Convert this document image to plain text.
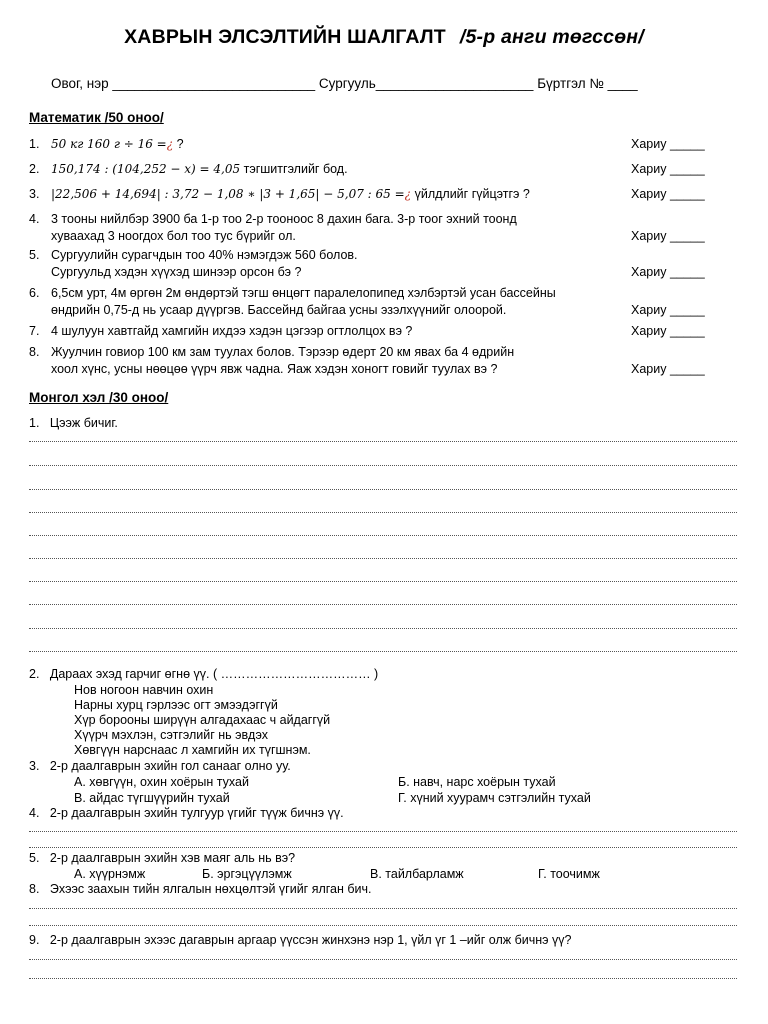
ХАВРЫН ЭЛСЭЛТИЙН ШАЛГАЛТ /5-р анги төгссөн/
Овог, нэр ___________________________ Сургууль_____________________ Бүртгэл № ____
Математик /50 оноо/
1. 50 кг 160 г ÷ 16 =¿ ?	Хариу _____
2. 150,174 : (104,252 − x) = 4,05 тэгшитгэлийг бод.	Хариу _____
3. |22,506 + 14,694| : 3,72 − 1,08 ∗ |3 + 1,65| − 5,07 : 65 =¿ үйлдлийг гүйцэтгэ ?	Хариу _____
4. 3 тооны нийлбэр 3900 ба 1-р тоо 2-р тооноос 8 дахин бага. 3-р тоог эхний тоонд
хуваахад 3 ноогдох бол тоо тус бүрийг ол.	Хариу _____
5. Сургуулийн сурагчдын тоо 40% нэмэгдэж 560 болов.
Сургуульд хэдэн хүүхэд шинээр орсон бэ ?	Хариу _____
6. 6,5см урт, 4м өргөн 2м өндөртэй тэгш өнцөгт паралелопипед хэлбэртэй усан бассейны
өндрийн 0,75-д нь усаар дүүргэв. Бассейнд байгаа усны эзэлхүүнийг олоорой.	Хариу _____
7. 4 шулуун хавтгайд хамгийн ихдээ хэдэн цэгээр огтлолцох вэ ?	Хариу _____
8. Жуулчин говиор 100 км зам туулах болов. Тэрээр өдерт 20 км явах ба 4 өдрийн
хоол хүнс, усны нөөцөө үүрч явж чадна. Яаж хэдэн хоногт говийг туулах вэ ?	Хариу _____
Монгол хэл /30 оноо/
1. Цээж бичиг.
2. Дараах эхэд гарчиг өгнө үү. ( ……………………………… )
Нов ногоон навчин охин
Нарны хурц гэрлээс огт эмээдэггүй
Хүр борооны ширүүн алгадахаас ч айдаггүй
Хүүрч мэхлэн, сэтгэлийг нь эвдэх
Хөвгүүн нарснаас л хамгийн их түгшнэм.
3. 2-р даалгаврын эхийн гол санааг олно уу.
А. хөвгүүн, охин хоёрын тухай	Б. навч, нарс хоёрын тухай
В. айдас түгшүүрийн тухай	Г. хүний хуурамч сэтгэлийн тухай
4. 2-р даалгаврын эхийн тулгуур үгийг түүж бичнэ үү.
5. 2-р даалгаврын эхийн хэв маяг аль нь вэ?
А. хүүрнэмж	Б. эргэцүүлэмж	В. тайлбарламж	Г. тоочимж
8. Эхээс заахын тийн ялгалын нөхцөлтэй үгийг ялган бич.
9. 2-р даалгаврын эхээс дагаврын аргаар үүссэн жинхэнэ нэр 1, үйл үг 1 –ийг олж бичнэ үү?
